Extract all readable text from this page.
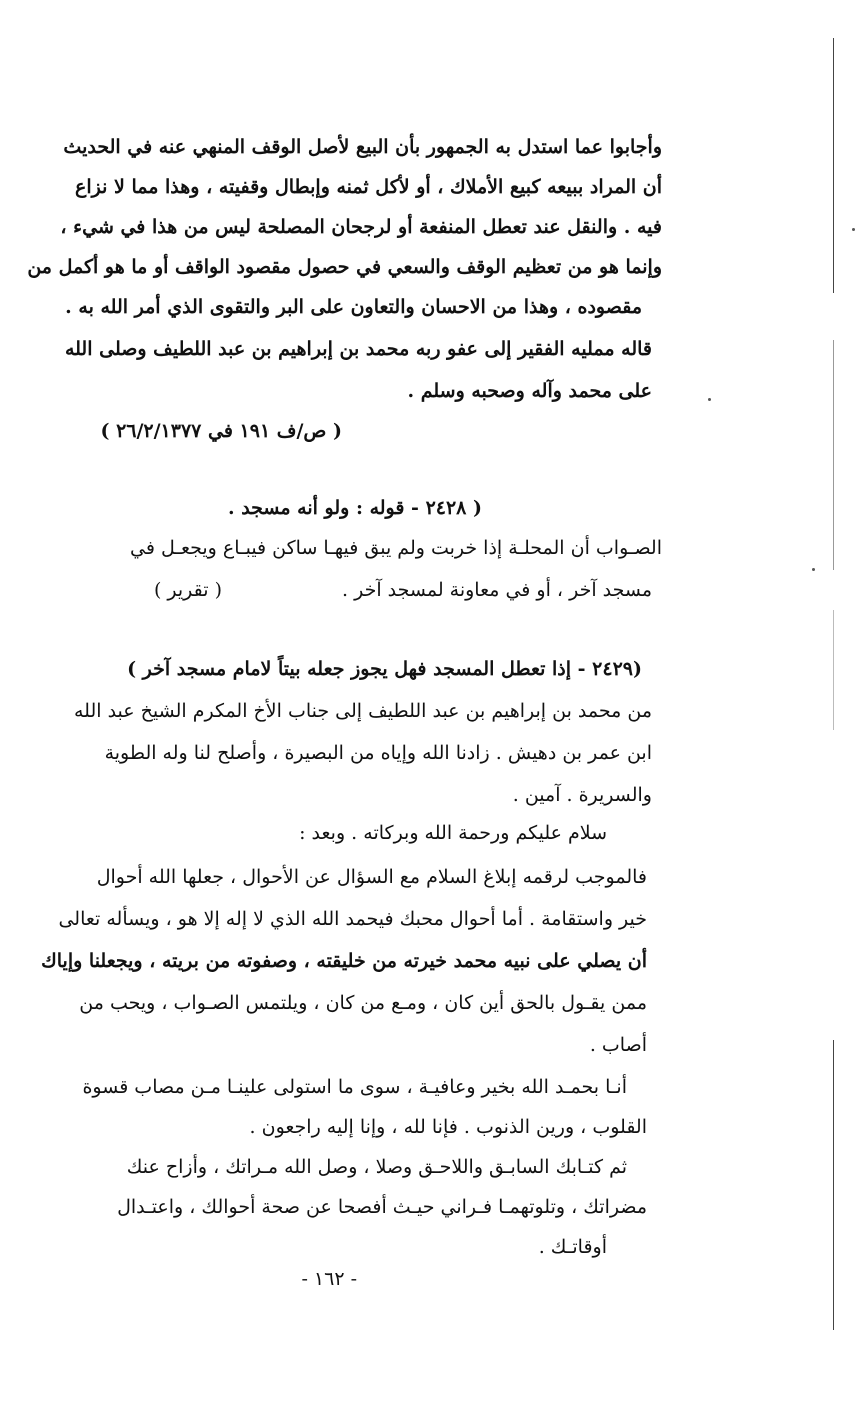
وأجابوا عما استدل به الجمهور بأن البيع لأصل الوقف المنهي عنه في الحديث
أن المراد ببيعه كبيع الأملاك ، أو لأكل ثمنه وإبطال وقفيته ، وهذا مما لا نزاع
فيه . والنقل عند تعطل المنفعة أو لرجحان المصلحة ليس من هذا في شيء ،
وإنما هو من تعظيم الوقف والسعي في حصول مقصود الواقف أو ما هو أكمل من
مقصوده ، وهذا من الاحسان والتعاون على البر والتقوى الذي أمر الله به .
قاله مملیه الفقیر إلى عفو ربه محمد بن إبراهیم بن عبد اللطیف وصلى الله
على محمد وآله وصحبه وسلم .
( ص/ف ١٩١ في ٢٦/٢/١٣٧٧ )
( ٢٤٢٨ - قوله : ولو أنه مسجد .
الصـواب أن المحلـة إذا خربت ولم يبق فيهـا ساكن فيبـاع ويجعـل في
مسجد آخر ، أو في معاونة لمسجد آخر .
( تقرير )
(٢٤٢٩ - إذا تعطل المسجد فهل يجوز جعله بيتاً لامام مسجد آخر )
من محمد بن إبراهيم بن عبد اللطيف إلى جناب الأخ المكرم الشيخ عبد الله
ابن عمر بن دهيش . زادنا الله وإياه من البصيرة ، وأصلح لنا وله الطوية
والسريرة . آمين .
سلام عليكم ورحمة الله وبركاته . وبعد :
فالموجب لرقمه إبلاغ السلام مع السؤال عن الأحوال ، جعلها الله أحوال
خير واستقامة . أما أحوال محبك فيحمد الله الذي لا إله إلا هو ، ويسأله تعالى
أن يصلي على نبيه محمد خيرته من خليقته ، وصفوته من بريته ، ويجعلنا وإياك
ممن يقـول بالحق أين كان ، ومـع من كان ، ويلتمس الصـواب ، ويحب من
أصاب .
أنـا بحمـد الله بخير وعافيـة ، سوى ما استولى علينـا مـن مصاب قسوة
القلوب ، ورين الذنوب . فإنا لله ، وإنا إليه راجعون .
ثم كتـابك السابـق واللاحـق وصلا ، وصل الله مـراتك ، وأزاح عنك
مضراتك ، وتلوتهمـا فـراني حيـث أفصحا عن صحة أحوالك ، واعتـدال
أوقاتـك .
- ١٦٢ -
